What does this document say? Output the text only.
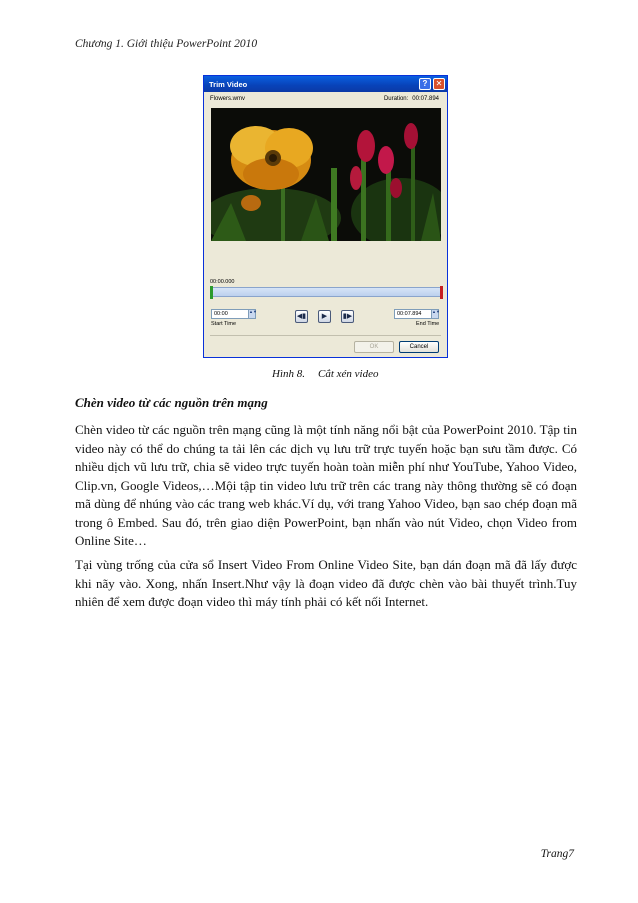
Chương 1. Giới thiệu PowerPoint 2010
Trim Video	?	✕
Flowers.wmv	Duration: 00:07.894
00:00.000
00:00	▲▼
Start Time
◀▮	▶	▮▶	00:07.894	▲▼
End Time
OK	Cancel
Hình 8. Cắt xén video
Chèn video từ các nguồn trên mạng

Chèn video từ các nguồn trên mạng cũng là một tính năng nổi bật của PowerPoint 2010. Tập tin video này có thể do chúng ta tải lên các dịch vụ lưu trữ trực tuyến hoặc bạn sưu tầm được. Có nhiều dịch vũ lưu trữ, chia sẽ video trực tuyến hoàn toàn miễn phí như YouTube, Yahoo Video, Clip.vn, Google Videos,…Mội tập tin video lưu trữ trên các trang này thông thường sẽ có đoạn mã dùng để nhúng vào các trang web khác.Ví dụ, với trang Yahoo Video, bạn sao chép đoạn mã trong ô Embed. Sau đó, trên giao diện PowerPoint, bạn nhấn vào nút Video, chọn Video from Online Site…

Tại vùng trống của cửa sổ Insert Video From Online Video Site, bạn dán đoạn mã đã lấy được khi nãy vào. Xong, nhấn Insert.Như vậy là đoạn video đã được chèn vào bài thuyết trình.Tuy nhiên để xem được đoạn video thì máy tính phải có kết nối Internet.

Trang7
